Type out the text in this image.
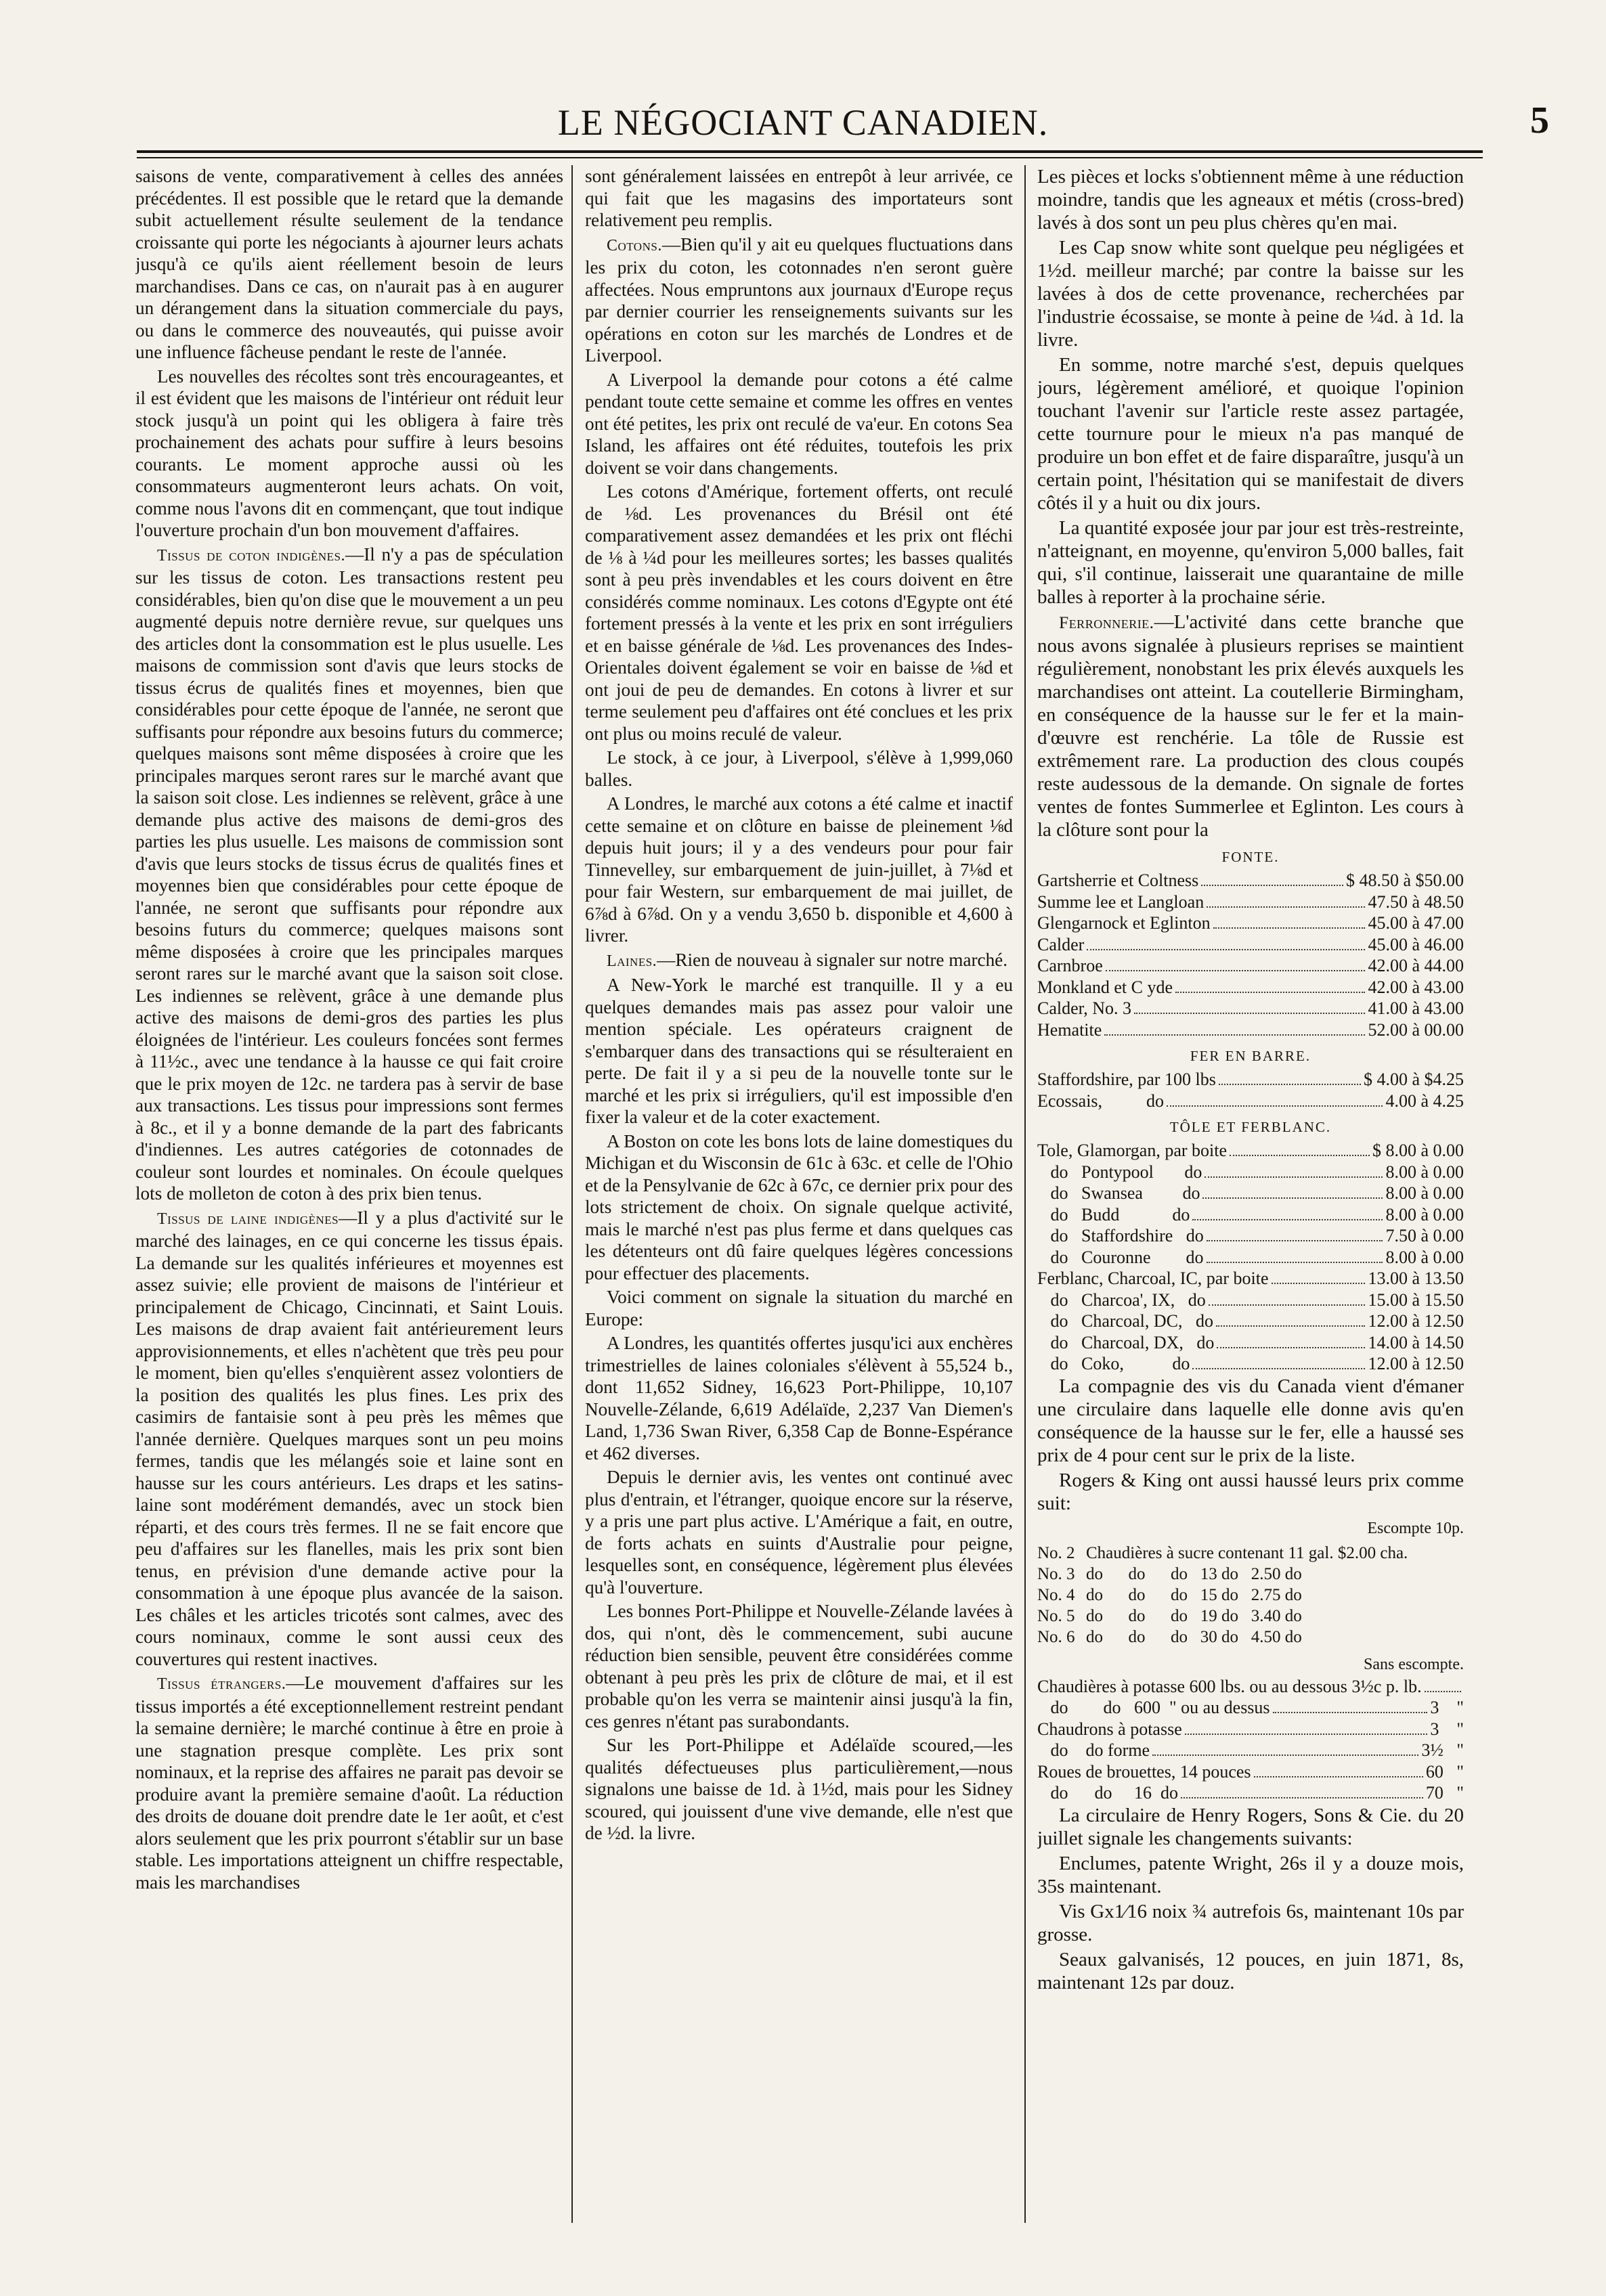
LE NÉGOCIANT CANADIEN.	5

saisons de vente, comparativement à celles des années précédentes. Il est possible que le retard que la demande subit actuellement résulte seulement de la tendance croissante qui porte les négociants à ajourner leurs achats jusqu'à ce qu'ils aient réellement besoin de leurs marchandises. Dans ce cas, on n'aurait pas à en augurer un dérangement dans la situation commerciale du pays, ou dans le commerce des nouveautés, qui puisse avoir une influence fâcheuse pendant le reste de l'année.

Les nouvelles des récoltes sont très encourageantes, et il est évident que les maisons de l'intérieur ont réduit leur stock jusqu'à un point qui les obligera à faire très prochainement des achats pour suffire à leurs besoins courants. Le moment approche aussi où les consommateurs augmenteront leurs achats. On voit, comme nous l'avons dit en commençant, que tout indique l'ouverture prochain d'un bon mouvement d'affaires.

Tissus de coton indigènes.—Il n'y a pas de spéculation sur les tissus de coton. Les transactions restent peu considérables, bien qu'on dise que le mouvement a un peu augmenté depuis notre dernière revue, sur quelques uns des articles dont la consommation est le plus usuelle. Les maisons de commission sont d'avis que leurs stocks de tissus écrus de qualités fines et moyennes, bien que considérables pour cette époque de l'année, ne seront que suffisants pour répondre aux besoins futurs du commerce; quelques maisons sont même disposées à croire que les principales marques seront rares sur le marché avant que la saison soit close. Les indiennes se relèvent, grâce à une demande plus active des maisons de demi-gros des parties les plus usuelle. Les maisons de commission sont d'avis que leurs stocks de tissus écrus de qualités fines et moyennes bien que considérables pour cette époque de l'année, ne seront que suffisants pour répondre aux besoins futurs du commerce; quelques maisons sont même disposées à croire que les principales marques seront rares sur le marché avant que la saison soit close. Les indiennes se relèvent, grâce à une demande plus active des maisons de demi-gros des parties les plus éloignées de l'intérieur. Les couleurs foncées sont fermes à 11½c., avec une tendance à la hausse ce qui fait croire que le prix moyen de 12c. ne tardera pas à servir de base aux transactions. Les tissus pour impressions sont fermes à 8c., et il y a bonne demande de la part des fabricants d'indiennes. Les autres catégories de cotonnades de couleur sont lourdes et nominales. On écoule quelques lots de molleton de coton à des prix bien tenus.

Tissus de laine indigènes—Il y a plus d'activité sur le marché des lainages, en ce qui concerne les tissus épais. La demande sur les qualités inférieures et moyennes est assez suivie; elle provient de maisons de l'intérieur et principalement de Chicago, Cincinnati, et Saint Louis. Les maisons de drap avaient fait antérieurement leurs approvisionnements, et elles n'achètent que très peu pour le moment, bien qu'elles s'enquièrent assez volontiers de la position des qualités les plus fines. Les prix des casimirs de fantaisie sont à peu près les mêmes que l'année dernière. Quelques marques sont un peu moins fermes, tandis que les mélangés soie et laine sont en hausse sur les cours antérieurs. Les draps et les satins-laine sont modérément demandés, avec un stock bien réparti, et des cours très fermes. Il ne se fait encore que peu d'affaires sur les flanelles, mais les prix sont bien tenus, en prévision d'une demande active pour la consommation à une époque plus avancée de la saison. Les châles et les articles tricotés sont calmes, avec des cours nominaux, comme le sont aussi ceux des couvertures qui restent inactives.

Tissus étrangers.—Le mouvement d'affaires sur les tissus importés a été exceptionnellement restreint pendant la semaine dernière; le marché continue à être en proie à une stagnation presque complète. Les prix sont nominaux, et la reprise des affaires ne parait pas devoir se produire avant la première semaine d'août. La réduction des droits de douane doit prendre date le 1er août, et c'est alors seulement que les prix pourront s'établir sur un base stable. Les importations atteignent un chiffre respectable, mais les marchandises

sont généralement laissées en entrepôt à leur arrivée, ce qui fait que les magasins des importateurs sont relativement peu remplis.

Cotons.—Bien qu'il y ait eu quelques fluctuations dans les prix du coton, les cotonnades n'en seront guère affectées. Nous empruntons aux journaux d'Europe reçus par dernier courrier les renseignements suivants sur les opérations en coton sur les marchés de Londres et de Liverpool.

A Liverpool la demande pour cotons a été calme pendant toute cette semaine et comme les offres en ventes ont été petites, les prix ont reculé de va'eur. En cotons Sea Island, les affaires ont été réduites, toutefois les prix doivent se voir dans changements.

Les cotons d'Amérique, fortement offerts, ont reculé de ⅛d. Les provenances du Brésil ont été comparativement assez demandées et les prix ont fléchi de ⅛ à ¼d pour les meilleures sortes; les basses qualités sont à peu près invendables et les cours doivent en être considérés comme nominaux. Les cotons d'Egypte ont été fortement pressés à la vente et les prix en sont irréguliers et en baisse générale de ⅛d. Les provenances des Indes-Orientales doivent également se voir en baisse de ⅛d et ont joui de peu de demandes. En cotons à livrer et sur terme seulement peu d'affaires ont été conclues et les prix ont plus ou moins reculé de valeur.

Le stock, à ce jour, à Liverpool, s'élève à 1,999,060 balles.

A Londres, le marché aux cotons a été calme et inactif cette semaine et on clôture en baisse de pleinement ⅛d depuis huit jours; il y a des vendeurs pour pour fair Tinnevelley, sur embarquement de juin-juillet, à 7⅛d et pour fair Western, sur embarquement de mai juillet, de 6⅞d à 6⅞d. On y a vendu 3,650 b. disponible et 4,600 à livrer.

Laines.—Rien de nouveau à signaler sur notre marché.

A New-York le marché est tranquille. Il y a eu quelques demandes mais pas assez pour valoir une mention spéciale. Les opérateurs craignent de s'embarquer dans des transactions qui se résulteraient en perte. De fait il y a si peu de la nouvelle tonte sur le marché et les prix si irréguliers, qu'il est impossible d'en fixer la valeur et de la coter exactement.

A Boston on cote les bons lots de laine domestiques du Michigan et du Wisconsin de 61c à 63c. et celle de l'Ohio et de la Pensylvanie de 62c à 67c, ce dernier prix pour des lots strictement de choix. On signale quelque activité, mais le marché n'est pas plus ferme et dans quelques cas les détenteurs ont dû faire quelques légères concessions pour effectuer des placements.

Voici comment on signale la situation du marché en Europe:

A Londres, les quantités offertes jusqu'ici aux enchères trimestrielles de laines coloniales s'élèvent à 55,524 b., dont 11,652 Sidney, 16,623 Port-Philippe, 10,107 Nouvelle-Zélande, 6,619 Adélaïde, 2,237 Van Diemen's Land, 1,736 Swan River, 6,358 Cap de Bonne-Espérance et 462 diverses.

Depuis le dernier avis, les ventes ont continué avec plus d'entrain, et l'étranger, quoique encore sur la réserve, y a pris une part plus active. L'Amérique a fait, en outre, de forts achats en suints d'Australie pour peigne, lesquelles sont, en conséquence, légèrement plus élevées qu'à l'ouverture.

Les bonnes Port-Philippe et Nouvelle-Zélande lavées à dos, qui n'ont, dès le commencement, subi aucune réduction bien sensible, peuvent être considérées comme obtenant à peu près les prix de clôture de mai, et il est probable qu'on les verra se maintenir ainsi jusqu'à la fin, ces genres n'étant pas surabondants.

Sur les Port-Philippe et Adélaïde scoured,—les qualités défectueuses plus particulièrement,—nous signalons une baisse de 1d. à 1½d, mais pour les Sidney scoured, qui jouissent d'une vive demande, elle n'est que de ½d. la livre.

Les pièces et locks s'obtiennent même à une réduction moindre, tandis que les agneaux et métis (cross-bred) lavés à dos sont un peu plus chères qu'en mai.

Les Cap snow white sont quelque peu négligées et 1½d. meilleur marché; par contre la baisse sur les lavées à dos de cette provenance, recherchées par l'industrie écossaise, se monte à peine de ¼d. à 1d. la livre.

En somme, notre marché s'est, depuis quelques jours, légèrement amélioré, et quoique l'opinion touchant l'avenir sur l'article reste assez partagée, cette tournure pour le mieux n'a pas manqué de produire un bon effet et de faire disparaître, jusqu'à un certain point, l'hésitation qui se manifestait de divers côtés il y a huit ou dix jours.

La quantité exposée jour par jour est très-restreinte, n'atteignant, en moyenne, qu'environ 5,000 balles, fait qui, s'il continue, laisserait une quarantaine de mille balles à reporter à la prochaine série.

Ferronnerie.—L'activité dans cette branche que nous avons signalée à plusieurs reprises se maintient régulièrement, nonobstant les prix élevés auxquels les marchandises ont atteint. La coutellerie Birmingham, en conséquence de la hausse sur le fer et la main-d'œuvre est renchérie. La tôle de Russie est extrêmement rare. La production des clous coupés reste audessous de la demande. On signale de fortes ventes de fontes Summerlee et Eglinton. Les cours à la clôture sont pour la

FONTE.
Gartsherrie et Coltness	$ 48.50 à $50.00
Summe lee et Langloan	47.50 à 48.50
Glengarnock et Eglinton	45.00 à 47.00
Calder	45.00 à 46.00
Carnbroe	42.00 à 44.00
Monkland et C yde	42.00 à 43.00
Calder, No. 3	41.00 à 43.00
Hematite	52.00 à 00.00
FER EN BARRE.
Staffordshire, par 100 lbs	$ 4.00 à $4.25
Ecossais,          do	4.00 à 4.25
TÔLE ET FERBLANC.
Tole, Glamorgan, par boite	$ 8.00 à 0.00
do   Pontypool       do	8.00 à 0.00
do   Swansea         do	8.00 à 0.00
do   Budd            do	8.00 à 0.00
do   Staffordshire   do	7.50 à 0.00
do   Couronne        do	8.00 à 0.00
Ferblanc, Charcoal, IC, par boite	13.00 à 13.50
do   Charcoa', IX,   do	15.00 à 15.50
do   Charcoal, DC,   do	12.00 à 12.50
do   Charcoal, DX,   do	14.00 à 14.50
do   Coko,           do	12.00 à 12.50

La compagnie des vis du Canada vient d'émaner une circulaire dans laquelle elle donne avis qu'en conséquence de la hausse sur le fer, elle a haussé ses prix de 4 pour cent sur le prix de la liste.

Rogers & King ont aussi haussé leurs prix comme suit:

Escompte 10p.
No. 2 Chaudières à sucre contenant 11 gal. $2.00 cha.
No. 3 do      do      do   13 do   2.50 do
No. 4 do      do      do   15 do   2.75 do
No. 5 do      do      do   19 do   3.40 do
No. 6 do      do      do   30 do   4.50 do
Sans escompte.
Chaudières à potasse 600 lbs. ou au dessous 3½c p. lb.
do        do   600  " ou au dessus	3    "
Chaudrons à potasse	3    "
do    do forme	3½   "
Roues de brouettes, 14 pouces	60   "
do      do     16  do	70   "

La circulaire de Henry Rogers, Sons & Cie. du 20 juillet signale les changements suivants:

Enclumes, patente Wright, 26s il y a douze mois, 35s maintenant.

Vis Gx1⁄16 noix ¾ autrefois 6s, maintenant 10s par grosse.

Seaux galvanisés, 12 pouces, en juin 1871, 8s, maintenant 12s par douz.
